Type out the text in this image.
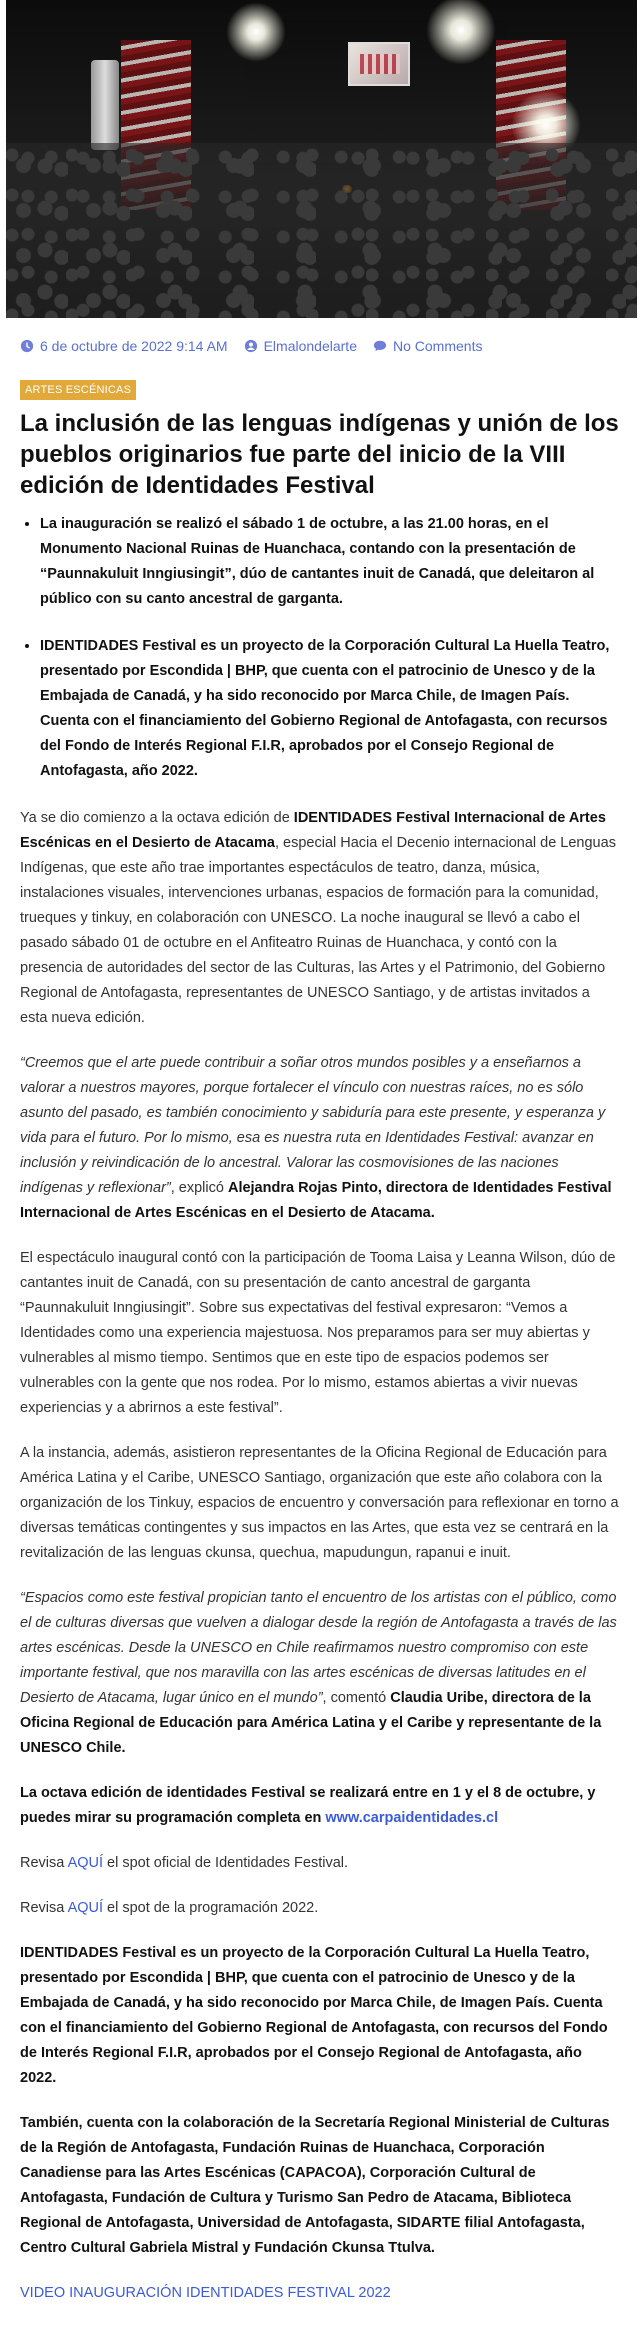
6 de octubre de 2022 9:14 AM	Elmalondelarte	No Comments
ARTES ESCÉNICAS
La inclusión de las lenguas indígenas y unión de los pueblos originarios fue parte del inicio de la VIII edición de Identidades Festival
• La inauguración se realizó el sábado 1 de octubre, a las 21.00 horas, en el Monumento Nacional Ruinas de Huanchaca, contando con la presentación de “Paunnakuluit Inngiusingit”, dúo de cantantes inuit de Canadá, que deleitaron al público con su canto ancestral de garganta.
• IDENTIDADES Festival es un proyecto de la Corporación Cultural La Huella Teatro, presentado por Escondida | BHP, que cuenta con el patrocinio de Unesco y de la Embajada de Canadá, y ha sido reconocido por Marca Chile, de Imagen País. Cuenta con el financiamiento del Gobierno Regional de Antofagasta, con recursos del Fondo de Interés Regional F.I.R, aprobados por el Consejo Regional de Antofagasta, año 2022.

Ya se dio comienzo a la octava edición de IDENTIDADES Festival Internacional de Artes Escénicas en el Desierto de Atacama, especial Hacia el Decenio internacional de Lenguas Indígenas, que este año trae importantes espectáculos de teatro, danza, música, instalaciones visuales, intervenciones urbanas, espacios de formación para la comunidad, trueques y tinkuy, en colaboración con UNESCO. La noche inaugural se llevó a cabo el pasado sábado 01 de octubre en el Anfiteatro Ruinas de Huanchaca, y contó con la presencia de autoridades del sector de las Culturas, las Artes y el Patrimonio, del Gobierno Regional de Antofagasta, representantes de UNESCO Santiago, y de artistas invitados a esta nueva edición.

“Creemos que el arte puede contribuir a soñar otros mundos posibles y a enseñarnos a valorar a nuestros mayores, porque fortalecer el vínculo con nuestras raíces, no es sólo asunto del pasado, es también conocimiento y sabiduría para este presente, y esperanza y vida para el futuro. Por lo mismo, esa es nuestra ruta en Identidades Festival: avanzar en inclusión y reivindicación de lo ancestral. Valorar las cosmovisiones de las naciones indígenas y reflexionar”, explicó Alejandra Rojas Pinto, directora de Identidades Festival Internacional de Artes Escénicas en el Desierto de Atacama.

El espectáculo inaugural contó con la participación de Tooma Laisa y Leanna Wilson, dúo de cantantes inuit de Canadá, con su presentación de canto ancestral de garganta “Paunnakuluit Inngiusingit”. Sobre sus expectativas del festival expresaron: “Vemos a Identidades como una experiencia majestuosa. Nos preparamos para ser muy abiertas y vulnerables al mismo tiempo. Sentimos que en este tipo de espacios podemos ser vulnerables con la gente que nos rodea. Por lo mismo, estamos abiertas a vivir nuevas experiencias y a abrirnos a este festival”.

A la instancia, además, asistieron representantes de la Oficina Regional de Educación para América Latina y el Caribe, UNESCO Santiago, organización que este año colabora con la organización de los Tinkuy, espacios de encuentro y conversación para reflexionar en torno a diversas temáticas contingentes y sus impactos en las Artes, que esta vez se centrará en la revitalización de las lenguas ckunsa, quechua, mapudungun, rapanui e inuit.

“Espacios como este festival propician tanto el encuentro de los artistas con el público, como el de culturas diversas que vuelven a dialogar desde la región de Antofagasta a través de las artes escénicas. Desde la UNESCO en Chile reafirmamos nuestro compromiso con este importante festival, que nos maravilla con las artes escénicas de diversas latitudes en el Desierto de Atacama, lugar único en el mundo”, comentó Claudia Uribe, directora de la Oficina Regional de Educación para América Latina y el Caribe y representante de la UNESCO Chile.

La octava edición de identidades Festival se realizará entre en 1 y el 8 de octubre, y puedes mirar su programación completa en www.carpaidentidades.cl

Revisa AQUÍ el spot oficial de Identidades Festival.

Revisa AQUÍ el spot de la programación 2022.

IDENTIDADES Festival es un proyecto de la Corporación Cultural La Huella Teatro, presentado por Escondida | BHP, que cuenta con el patrocinio de Unesco y de la Embajada de Canadá, y ha sido reconocido por Marca Chile, de Imagen País. Cuenta con el financiamiento del Gobierno Regional de Antofagasta, con recursos del Fondo de Interés Regional F.I.R, aprobados por el Consejo Regional de Antofagasta, año 2022.

También, cuenta con la colaboración de la Secretaría Regional Ministerial de Culturas de la Región de Antofagasta, Fundación Ruinas de Huanchaca, Corporación Canadiense para las Artes Escénicas (CAPACOA), Corporación Cultural de Antofagasta, Fundación de Cultura y Turismo San Pedro de Atacama, Biblioteca Regional de Antofagasta, Universidad de Antofagasta, SIDARTE filial Antofagasta, Centro Cultural Gabriela Mistral y Fundación Ckunsa Ttulva.

VIDEO INAUGURACIÓN IDENTIDADES FESTIVAL 2022
